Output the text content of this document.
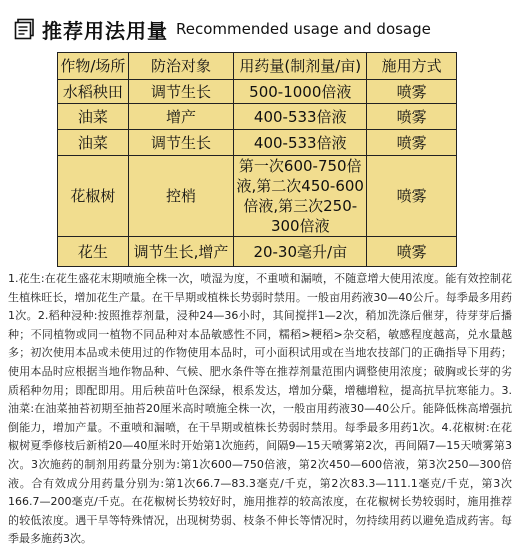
推荐用法用量 Recommended usage and dosage
作物/场所	防治对象	用药量(制剂量/亩)	施用方式
水稻秧田	调节生长	500-1000倍液	喷雾
油菜	增产	400-533倍液	喷雾
油菜	调节生长	400-533倍液	喷雾
花椒树	控梢	第一次600-750倍液,第二次450-600倍液,第三次250-300倍液	喷雾
花生	调节生长,增产	20-30毫升/亩	喷雾
1.花生:在花生盛花末期喷施全株一次，喷湿为度，不重喷和漏喷，不随意增大使用浓度。能有效控制花生植株旺长，增加花生产量。在干旱期或植株长势弱时禁用。一般亩用药液30—40公斤。每季最多用药1次。2.稻种浸种:按照推荐剂量，浸种24—36小时，其间搅拌1—2次，稍加洗涤后催芽，待芽芽后播种；不同植物或同一植物不同品种对本品敏感性不同，糯稻>粳稻>杂交稻，敏感程度越高，兑水量越多；初次使用本品或未使用过的作物使用本品时，可小面积试用或在当地农技部门的正确指导下用药；使用本品时应根据当地作物品种、气候、肥水条件等在推荐剂量范围内调整使用浓度；破胸或长芽的劣质稻种勿用；即配即用。用后秧苗叶色深绿，根系发达，增加分蘖，增穗增粒，提高抗旱抗寒能力。3.油菜:在油菜抽苔初期至抽苔20厘米高时喷施全株一次，一般亩用药液30—40公斤。能降低株高增强抗倒能力，增加产量。不重喷和漏喷，在干旱期或植株长势弱时禁用。每季最多用药1次。4.花椒树:在花椒树夏季修枝后新梢20—40厘米时开始第1次施药，间隔9—15天喷雾第2次，再间隔7—15天喷雾第3次。3次施药的制剂用药量分别为:第1次600—750倍液，第2次450—600倍液，第3次250—300倍液。合有效成分用药量分别为:第1次66.7—83.3毫克/千克，第2次83.3—111.1毫克/千克，第3次166.7—200毫克/千克。在花椒树长势较好时，施用推荐的较高浓度，在花椒树长势较弱时，施用推荐的较低浓度。遇干旱等特殊情况，出现树势弱、枝条不伸长等情况时，勿持续用药以避免造成药害。每季最多施药3次。
